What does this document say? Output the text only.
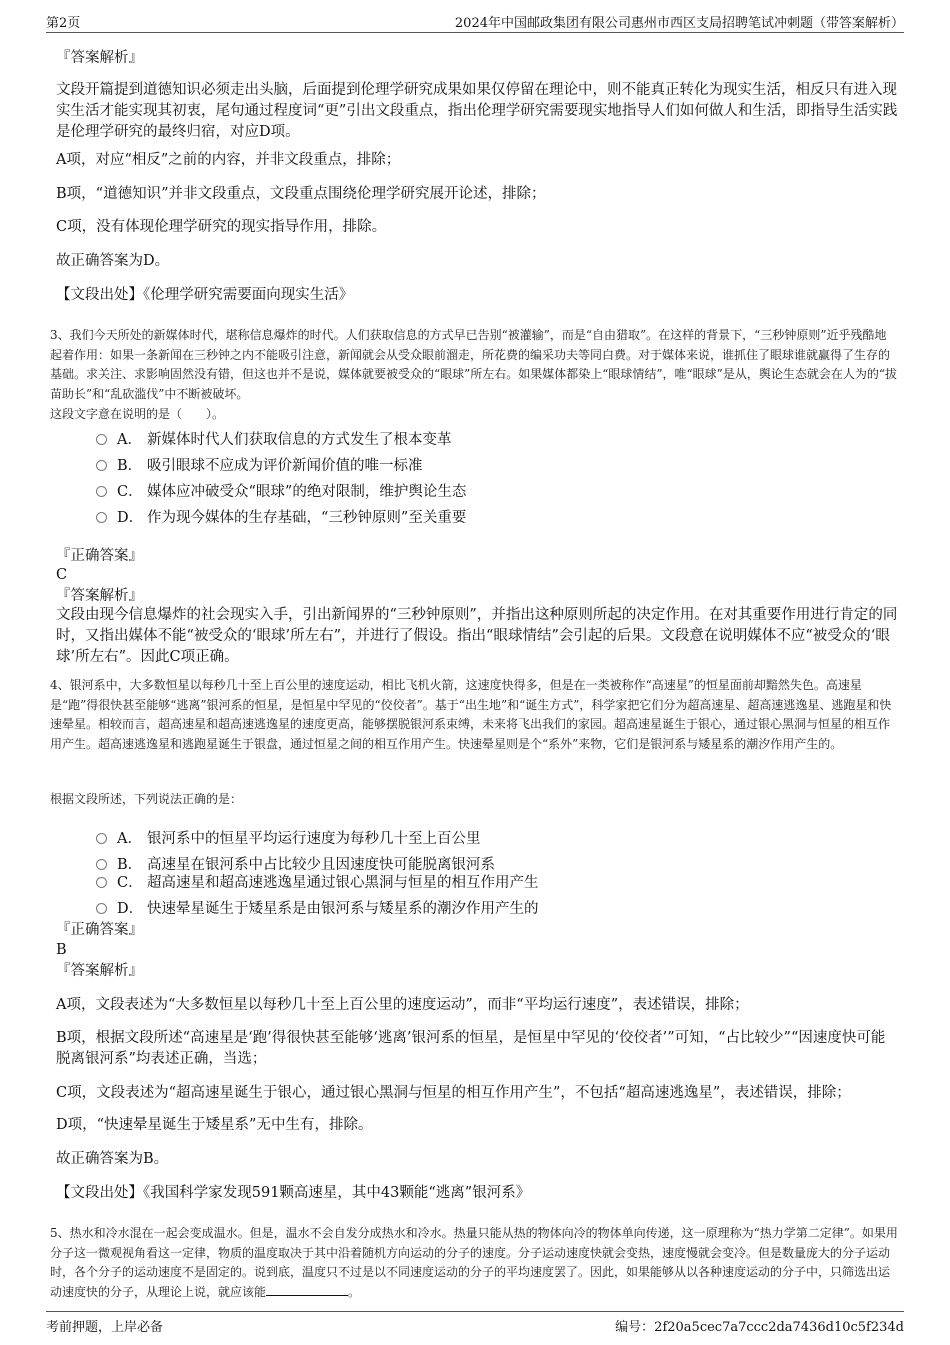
第2页	2024年中国邮政集团有限公司惠州市西区支局招聘笔试冲刺题（带答案解析）
『答案解析』
文段开篇提到道德知识必须走出头脑，后面提到伦理学研究成果如果仅停留在理论中，则不能真正转化为现实生活，相反只有进入现实生活才能实现其初衷，尾句通过程度词“更”引出文段重点，指出伦理学研究需要现实地指导人们如何做人和生活，即指导生活实践是伦理学研究的最终归宿，对应D项。
A项，对应“相反”之前的内容，并非文段重点，排除；
B项，“道德知识”并非文段重点，文段重点围绕伦理学研究展开论述，排除；
C项，没有体现伦理学研究的现实指导作用，排除。
故正确答案为D。
【文段出处】《伦理学研究需要面向现实生活》
3、我们今天所处的新媒体时代，堪称信息爆炸的时代。人们获取信息的方式早已告别“被灌输”，而是“自由猎取”。在这样的背景下，“三秒钟原则”近乎残酷地起着作用：如果一条新闻在三秒钟之内不能吸引注意，新闻就会从受众眼前溜走，所花费的编采功夫等同白费。对于媒体来说，谁抓住了眼球谁就赢得了生存的基础。求关注、求影响固然没有错，但这也并不是说，媒体就要被受众的“眼球”所左右。如果媒体都染上“眼球情结”，唯“眼球”是从，舆论生态就会在人为的“拔苗助长”和“乱砍滥伐”中不断被破坏。
这段文字意在说明的是（　　）。
A． 新媒体时代人们获取信息的方式发生了根本变革
B． 吸引眼球不应成为评价新闻价值的唯一标准
C． 媒体应冲破受众“眼球”的绝对限制，维护舆论生态
D． 作为现今媒体的生存基础，“三秒钟原则”至关重要
『正确答案』
C
『答案解析』
文段由现今信息爆炸的社会现实入手，引出新闻界的“三秒钟原则”，并指出这种原则所起的决定作用。在对其重要作用进行肯定的同时，又指出媒体不能“被受众的‘眼球’所左右”，并进行了假设。指出“眼球情结”会引起的后果。文段意在说明媒体不应“被受众的‘眼球’所左右”。因此C项正确。
4、银河系中，大多数恒星以每秒几十至上百公里的速度运动，相比飞机火箭，这速度快得多，但是在一类被称作“高速星”的恒星面前却黯然失色。高速星是“跑”得很快甚至能够“逃离”银河系的恒星，是恒星中罕见的“佼佼者”。基于“出生地”和“诞生方式”，科学家把它们分为超高速星、超高速逃逸星、逃跑星和快速晕星。相较而言，超高速星和超高速逃逸星的速度更高，能够摆脱银河系束缚，未来将飞出我们的家园。超高速星诞生于银心，通过银心黑洞与恒星的相互作用产生。超高速逃逸星和逃跑星诞生于银盘，通过恒星之间的相互作用产生。快速晕星则是个“系外”来物，它们是银河系与矮星系的潮汐作用产生的。
根据文段所述，下列说法正确的是：
A． 银河系中的恒星平均运行速度为每秒几十至上百公里
B． 高速星在银河系中占比较少且因速度快可能脱离银河系
C． 超高速星和超高速逃逸星通过银心黑洞与恒星的相互作用产生
D． 快速晕星诞生于矮星系是由银河系与矮星系的潮汐作用产生的
『正确答案』
B
『答案解析』
A项，文段表述为“大多数恒星以每秒几十至上百公里的速度运动”，而非“平均运行速度”，表述错误，排除；
B项，根据文段所述“高速星是‘跑’得很快甚至能够‘逃离’银河系的恒星，是恒星中罕见的‘佼佼者’”可知，“占比较少”“因速度快可能脱离银河系”均表述正确，当选；
C项，文段表述为“超高速星诞生于银心，通过银心黑洞与恒星的相互作用产生”，不包括“超高速逃逸星”，表述错误，排除；
D项，“快速晕星诞生于矮星系”无中生有，排除。
故正确答案为B。
【文段出处】《我国科学家发现591颗高速星，其中43颗能“逃离”银河系》
5、热水和冷水混在一起会变成温水。但是，温水不会自发分成热水和冷水。热量只能从热的物体向冷的物体单向传递，这一原理称为“热力学第二定律”。如果用分子这一微观视角看这一定律，物质的温度取决于其中沿着随机方向运动的分子的速度。分子运动速度快就会变热，速度慢就会变冷。但是数量庞大的分子运动时，各个分子的运动速度不是固定的。说到底，温度只不过是以不同速度运动的分子的平均速度罢了。因此，如果能够从以各种速度运动的分子中，只筛选出运动速度快的分子，从理论上说，就应该能	。
考前押题，上岸必备	编号：2f20a5cec7a7ccc2da7436d10c5f234d
